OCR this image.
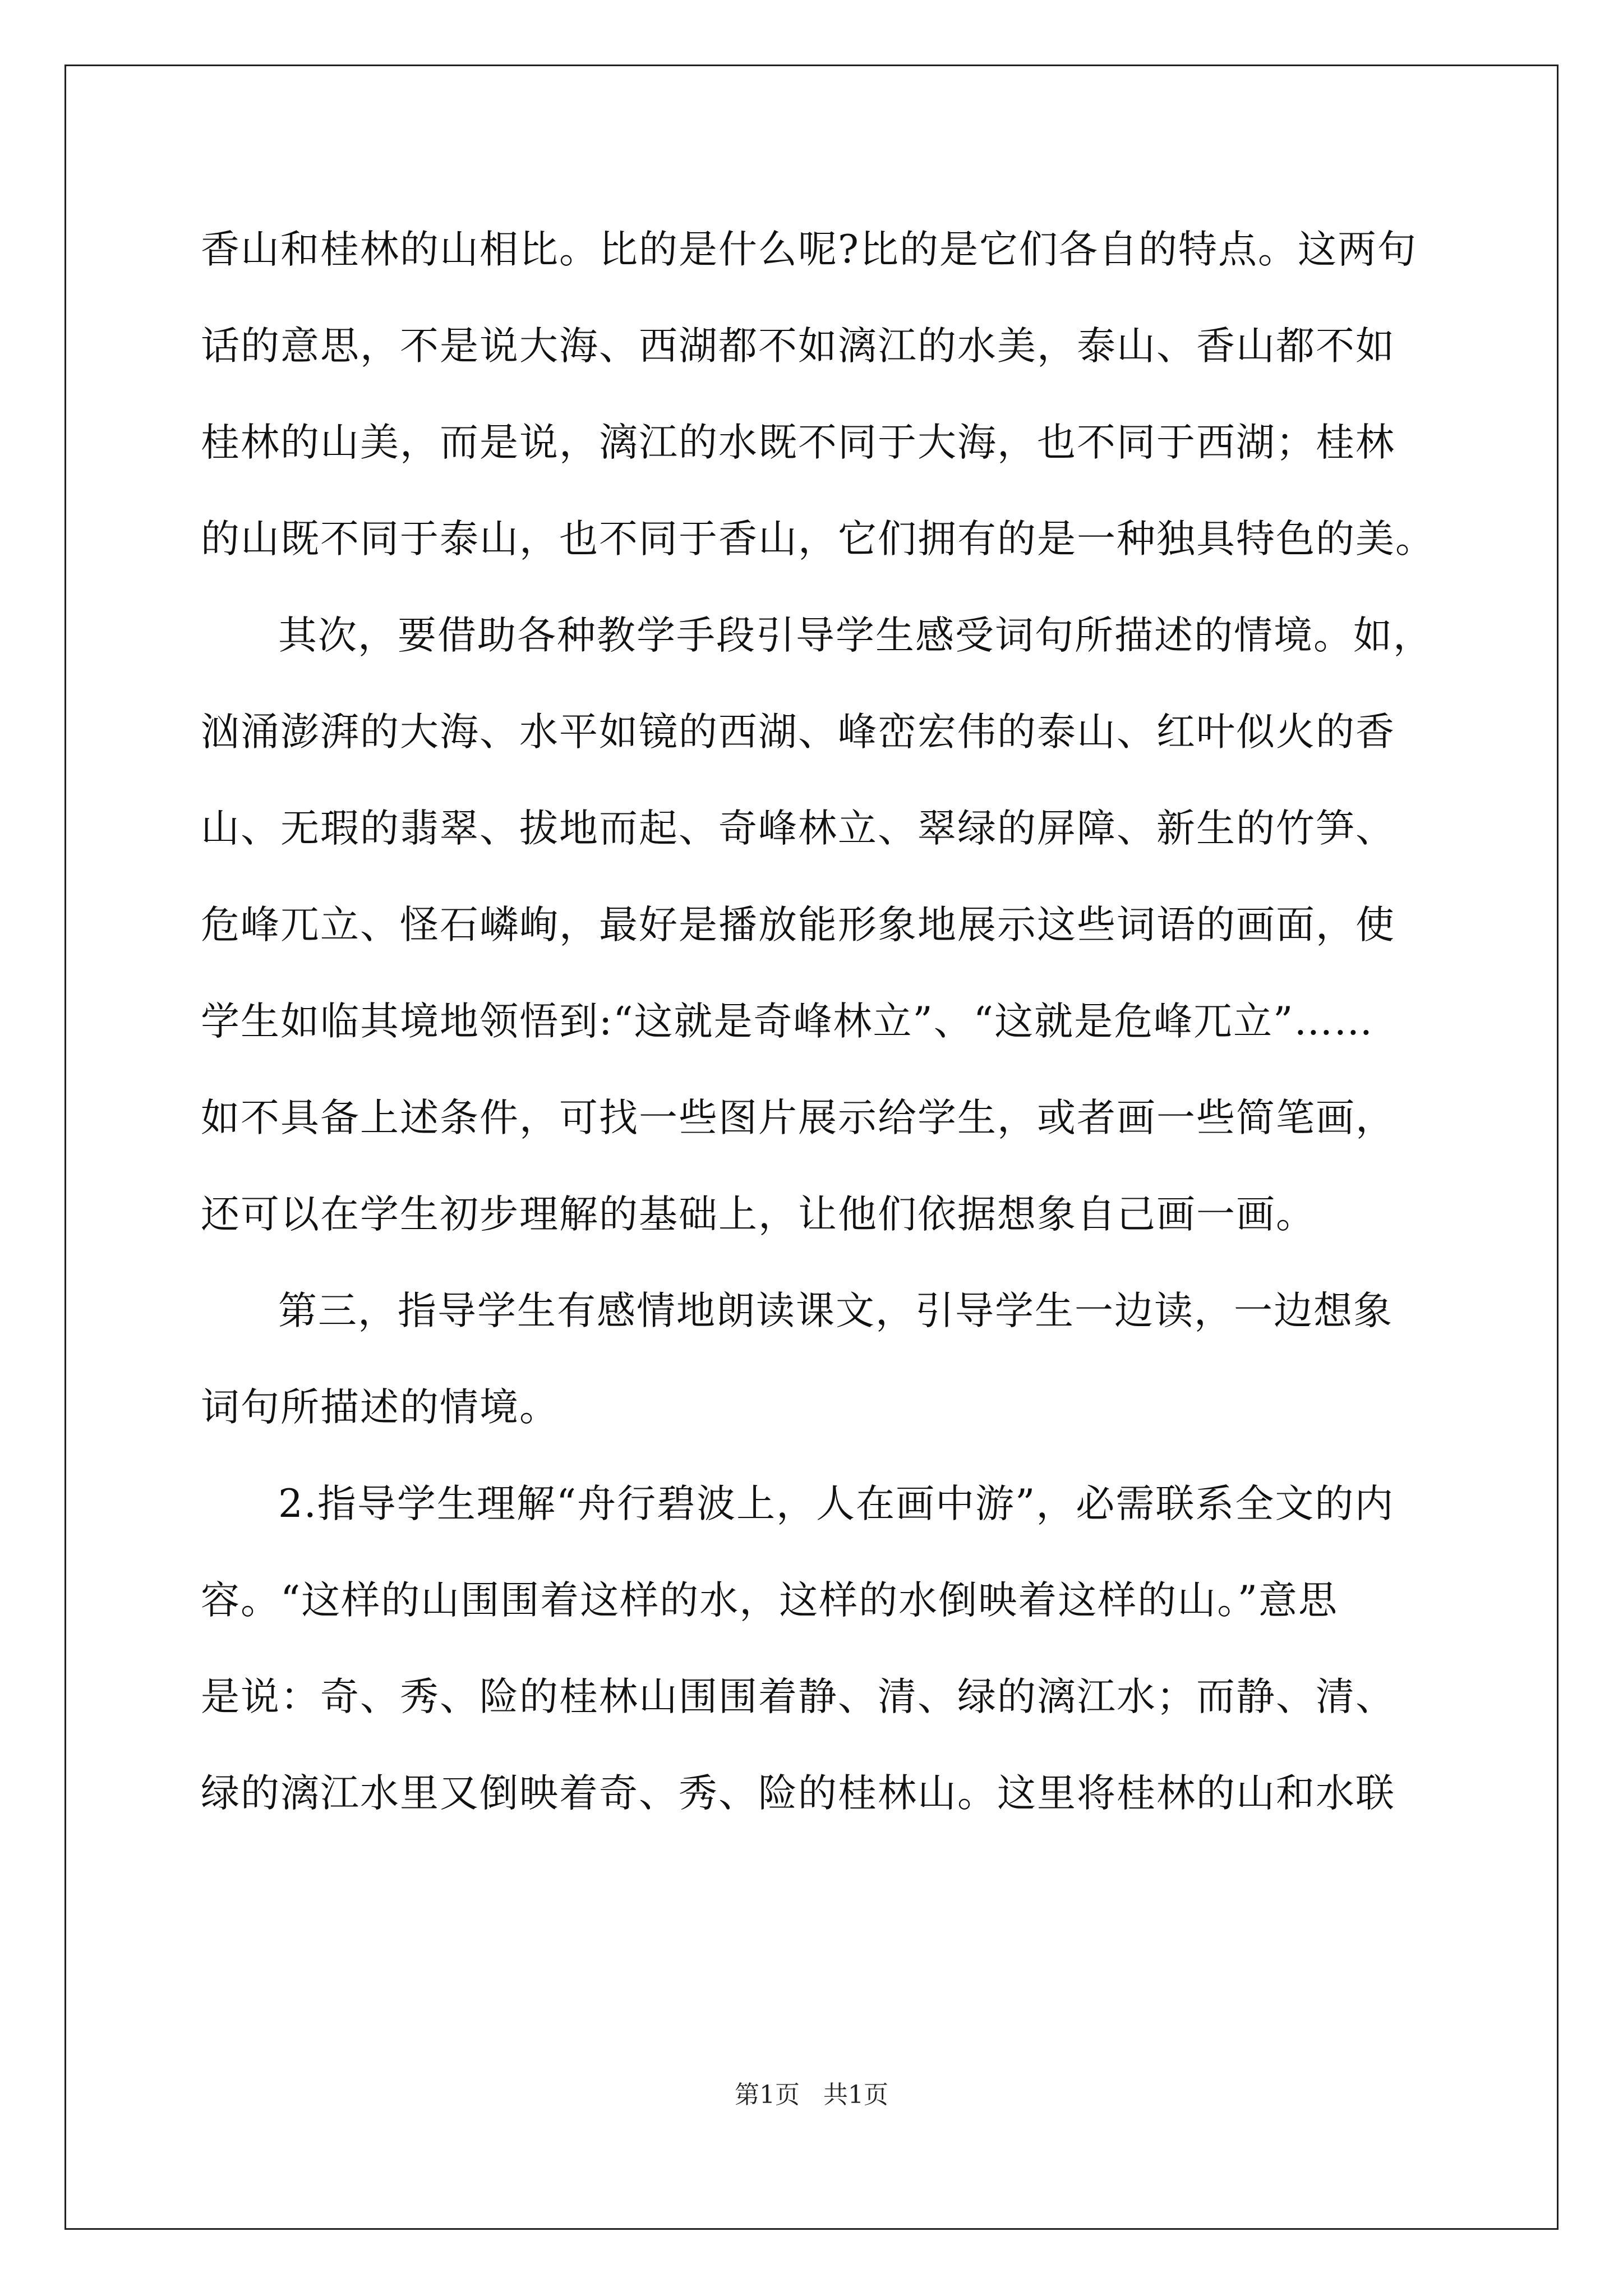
香山和桂林的山相比。比的是什么呢?比的是它们各自的特点。这两句
话的意思，不是说大海、西湖都不如漓江的水美，泰山、香山都不如
桂林的山美，而是说，漓江的水既不同于大海，也不同于西湖；桂林
的山既不同于泰山，也不同于香山，它们拥有的是一种独具特色的美。
其次，要借助各种教学手段引导学生感受词句所描述的情境。如，
汹涌澎湃的大海、水平如镜的西湖、峰峦宏伟的泰山、红叶似火的香
山、无瑕的翡翠、拔地而起、奇峰林立、翠绿的屏障、新生的竹笋、
危峰兀立、怪石嶙峋，最好是播放能形象地展示这些词语的画面，使
学生如临其境地领悟到:“这就是奇峰林立”、“这就是危峰兀立”……
如不具备上述条件，可找一些图片展示给学生，或者画一些简笔画，
还可以在学生初步理解的基础上，让他们依据想象自己画一画。
第三，指导学生有感情地朗读课文，引导学生一边读，一边想象
词句所描述的情境。
2.指导学生理解“舟行碧波上，人在画中游”，必需联系全文的内
容。“这样的山围围着这样的水，这样的水倒映着这样的山。”意思
是说：奇、秀、险的桂林山围围着静、清、绿的漓江水；而静、清、
绿的漓江水里又倒映着奇、秀、险的桂林山。这里将桂林的山和水联
第1页 共1页
